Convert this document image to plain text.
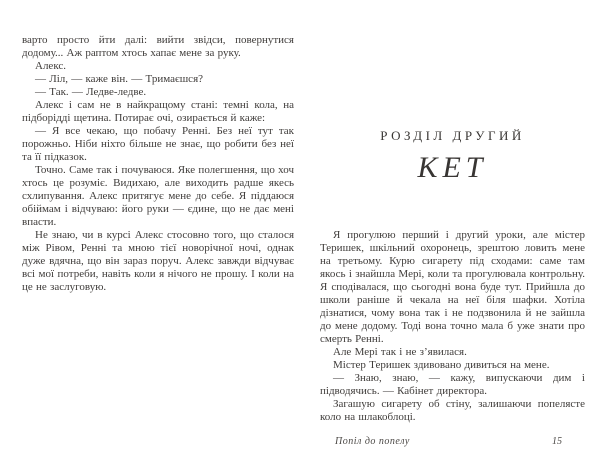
варто просто йти далі: вийти звідси, повернутися додому... Аж раптом хтось хапає мене за руку.

Алекс.

— Ліл, — каже він. — Тримаєшся?

— Так. — Ледве-ледве.

Алекс і сам не в найкращому стані: темні кола, на підборідді щетина. Потирає очі, озирається й каже:

— Я все чекаю, що побачу Ренні. Без неї тут так порожньо. Ніби ніхто більше не знає, що робити без неї та її підказок.

Точно. Саме так і почуваюся. Яке полегшення, що хоч хтось це розуміє. Видихаю, але виходить радше якесь схлипування. Алекс притягує мене до себе. Я піддаюся обіймам і відчуваю: його руки — єдине, що не дає мені впасти.

Не знаю, чи в курсі Алекс стосовно того, що сталося між Рівом, Ренні та мною тієї новорічної ночі, однак дуже вдячна, що він зараз поруч. Алекс завжди відчуває всі мої потреби, навіть коли я нічого не прошу. І коли на це не заслуговую.

РОЗДІЛ ДРУГИЙ
КЕТ

Я прогулюю перший і другий уроки, але містер Теришек, шкільний охоронець, зрештою ловить мене на третьому. Курю сигарету під сходами: саме там якось і знайшла Мері, коли та прогулювала контрольну. Я сподівалася, що сьогодні вона буде тут. Прийшла до школи раніше й чекала на неї біля шафки. Хотіла дізнатися, чому вона так і не подзвонила й не зайшла до мене додому. Тоді вона точно мала б уже знати про смерть Ренні.

Але Мері так і не з’явилася.

Містер Теришек здивовано дивиться на мене.

— Знаю, знаю, — кажу, випускаючи дим і підводячись. — Кабінет директора.

Загашую сигарету об стіну, залишаючи попелясте коло на шлакоблоці.

Попіл до попелу	15
